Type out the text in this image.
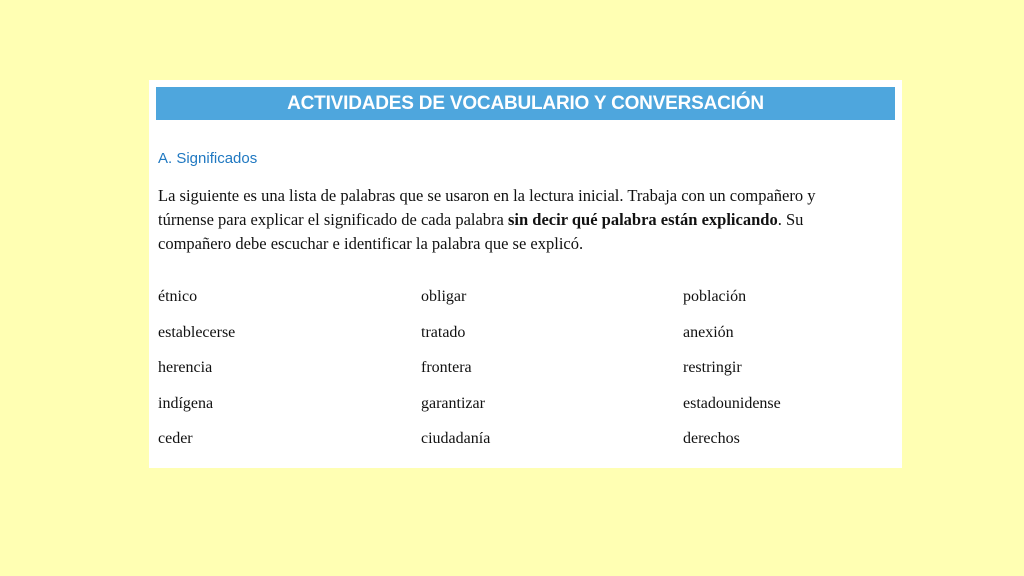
ACTIVIDADES DE VOCABULARIO Y CONVERSACIÓN
A. Significados
La siguiente es una lista de palabras que se usaron en la lectura inicial. Trabaja con un compañero y túrnense para explicar el significado de cada palabra sin decir qué palabra están explicando. Su compañero debe escuchar e identificar la palabra que se explicó.
étnico	obligar	población
establecerse	tratado	anexión
herencia	frontera	restringir
indígena	garantizar	estadounidense
ceder	ciudadanía	derechos
